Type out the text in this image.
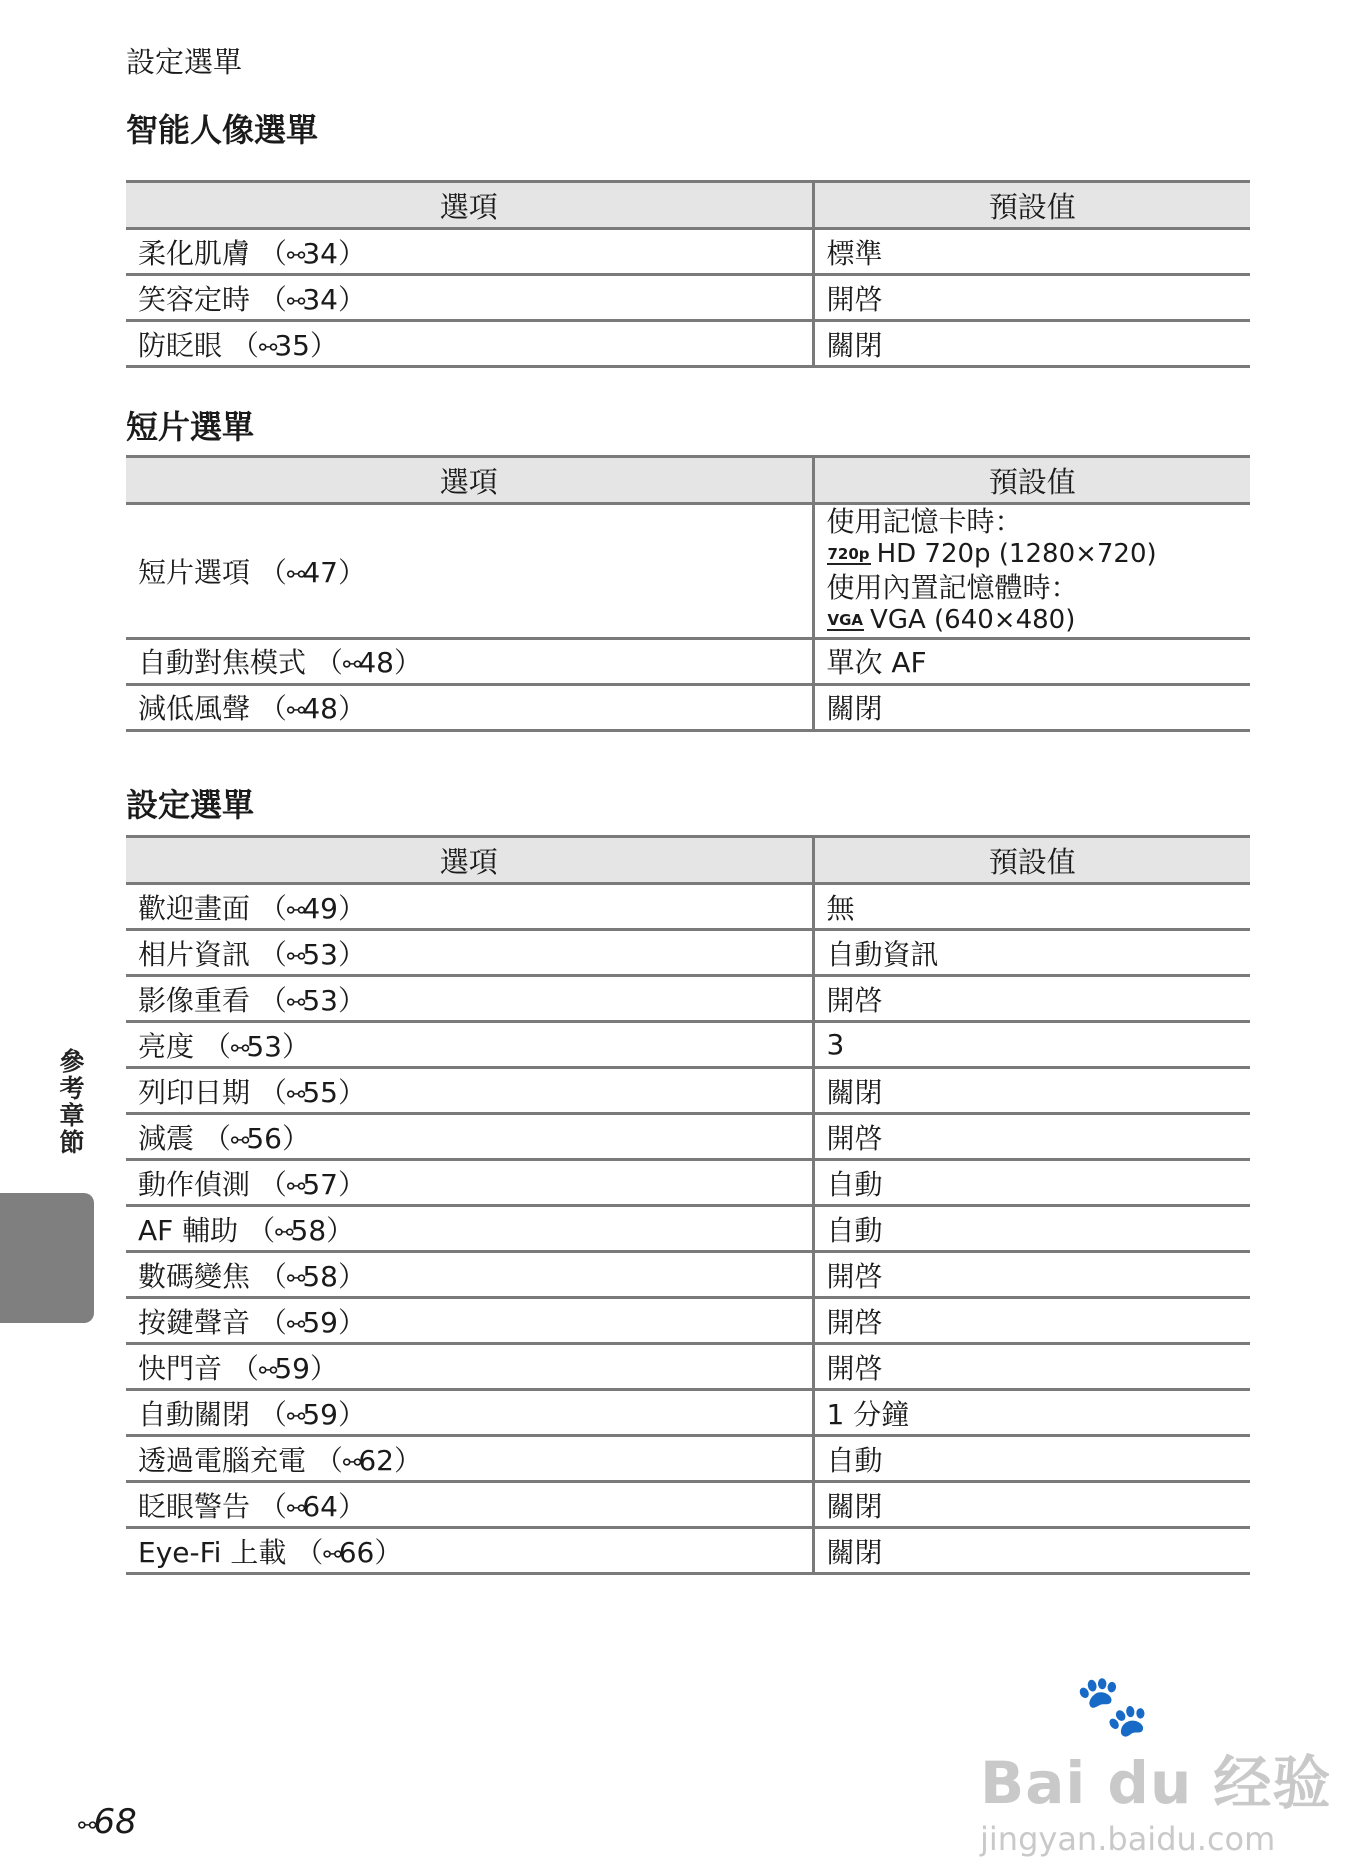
設定選單
智能人像選單
選項	預設值
柔化肌膚 （⚯34）	標準
笑容定時 （⚯34）	開啓
防眨眼 （⚯35）	關閉
短片選單
選項	預設值
短片選項 （⚯47）	使用記憶卡時：
720p HD 720p (1280×720)
使用內置記憶體時：
VGA VGA (640×480)

自動對焦模式 （⚯48）	單次 AF
減低風聲 （⚯48）	關閉
設定選單
選項	預設值
歡迎畫面 （⚯49）	無
相片資訊 （⚯53）	自動資訊
影像重看 （⚯53）	開啓
亮度 （⚯53）	3
列印日期 （⚯55）	關閉
減震 （⚯56）	開啓
動作偵測 （⚯57）	自動
AF 輔助 （⚯58）	自動
數碼變焦 （⚯58）	開啓
按鍵聲音 （⚯59）	開啓
快門音 （⚯59）	開啓
自動關閉 （⚯59）	1 分鐘
透過電腦充電 （⚯62）	自動
眨眼警告 （⚯64）	關閉
Eye-Fi 上載 （⚯66）	關閉
參考章節
⚯68
🐾
Bai du 经验
jingyan.baidu.com
